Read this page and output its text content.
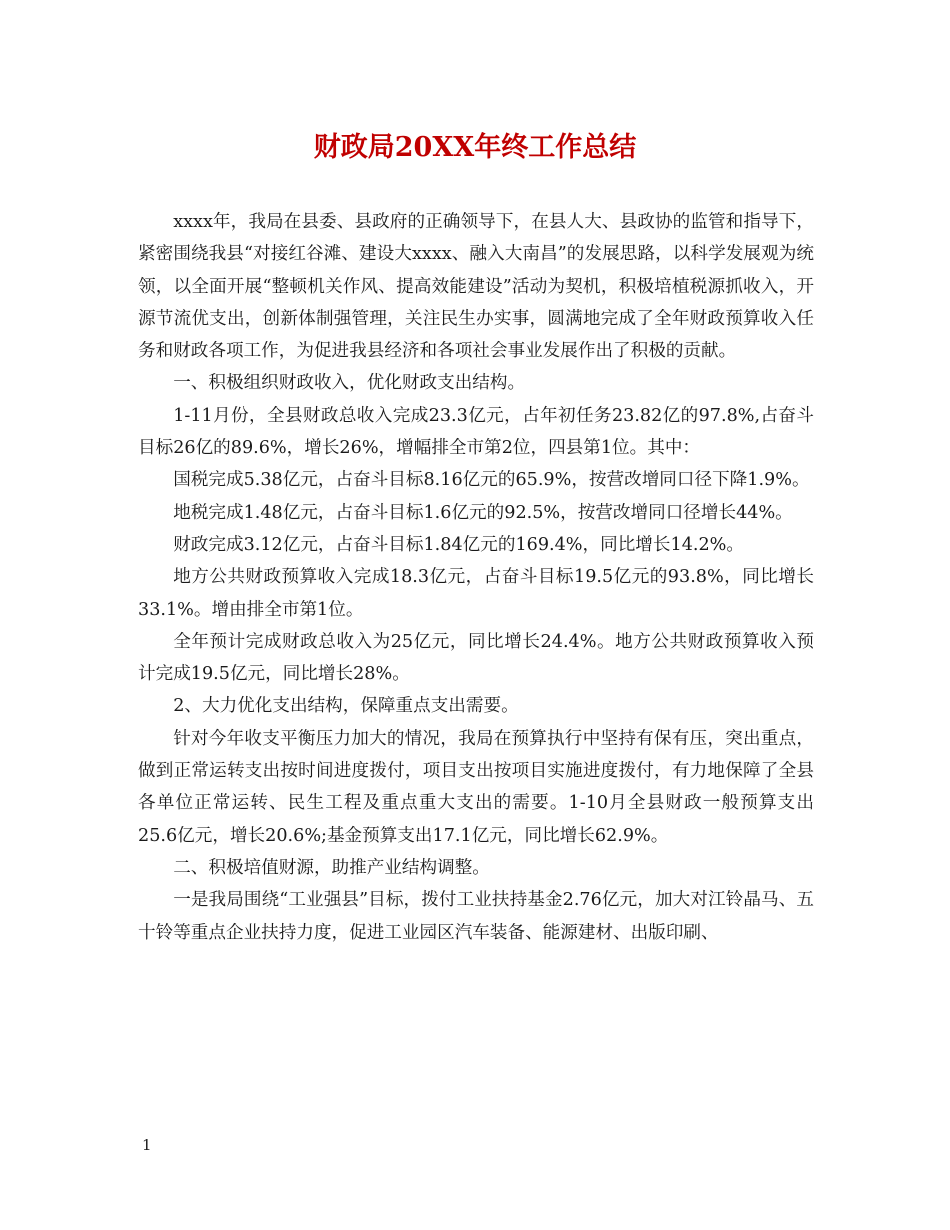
财政局20XX年终工作总结

xxxx年，我局在县委、县政府的正确领导下，在县人大、县政协的监管和指导下，紧密围绕我县“对接红谷滩、建设大xxxx、融入大南昌”的发展思路，以科学发展观为统领，以全面开展“整顿机关作风、提高效能建设”活动为契机，积极培植税源抓收入，开源节流优支出，创新体制强管理，关注民生办实事，圆满地完成了全年财政预算收入任务和财政各项工作，为促进我县经济和各项社会事业发展作出了积极的贡献。

一、积极组织财政收入，优化财政支出结构。

1-11月份，全县财政总收入完成23.3亿元，占年初任务23.82亿的97.8%,占奋斗目标26亿的89.6%，增长26%，增幅排全市第2位，四县第1位。其中：

国税完成5.38亿元，占奋斗目标8.16亿元的65.9%，按营改增同口径下降1.9%。

地税完成1.48亿元，占奋斗目标1.6亿元的92.5%，按营改增同口径增长44%。

财政完成3.12亿元，占奋斗目标1.84亿元的169.4%，同比增长14.2%。

地方公共财政预算收入完成18.3亿元，占奋斗目标19.5亿元的93.8%，同比增长33.1%。增由排全市第1位。

全年预计完成财政总收入为25亿元，同比增长24.4%。地方公共财政预算收入预计完成19.5亿元，同比增长28%。

2、大力优化支出结构，保障重点支出需要。

针对今年收支平衡压力加大的情况，我局在预算执行中坚持有保有压，突出重点，做到正常运转支出按时间进度拨付，项目支出按项目实施进度拨付，有力地保障了全县各单位正常运转、民生工程及重点重大支出的需要。1-10月全县财政一般预算支出25.6亿元，增长20.6%;基金预算支出17.1亿元，同比增长62.9%。

二、积极培值财源，助推产业结构调整。

一是我局围绕“工业强县”目标，拨付工业扶持基金2.76亿元，加大对江铃晶马、五十铃等重点企业扶持力度，促进工业园区汽车装备、能源建材、出版印刷、

1
